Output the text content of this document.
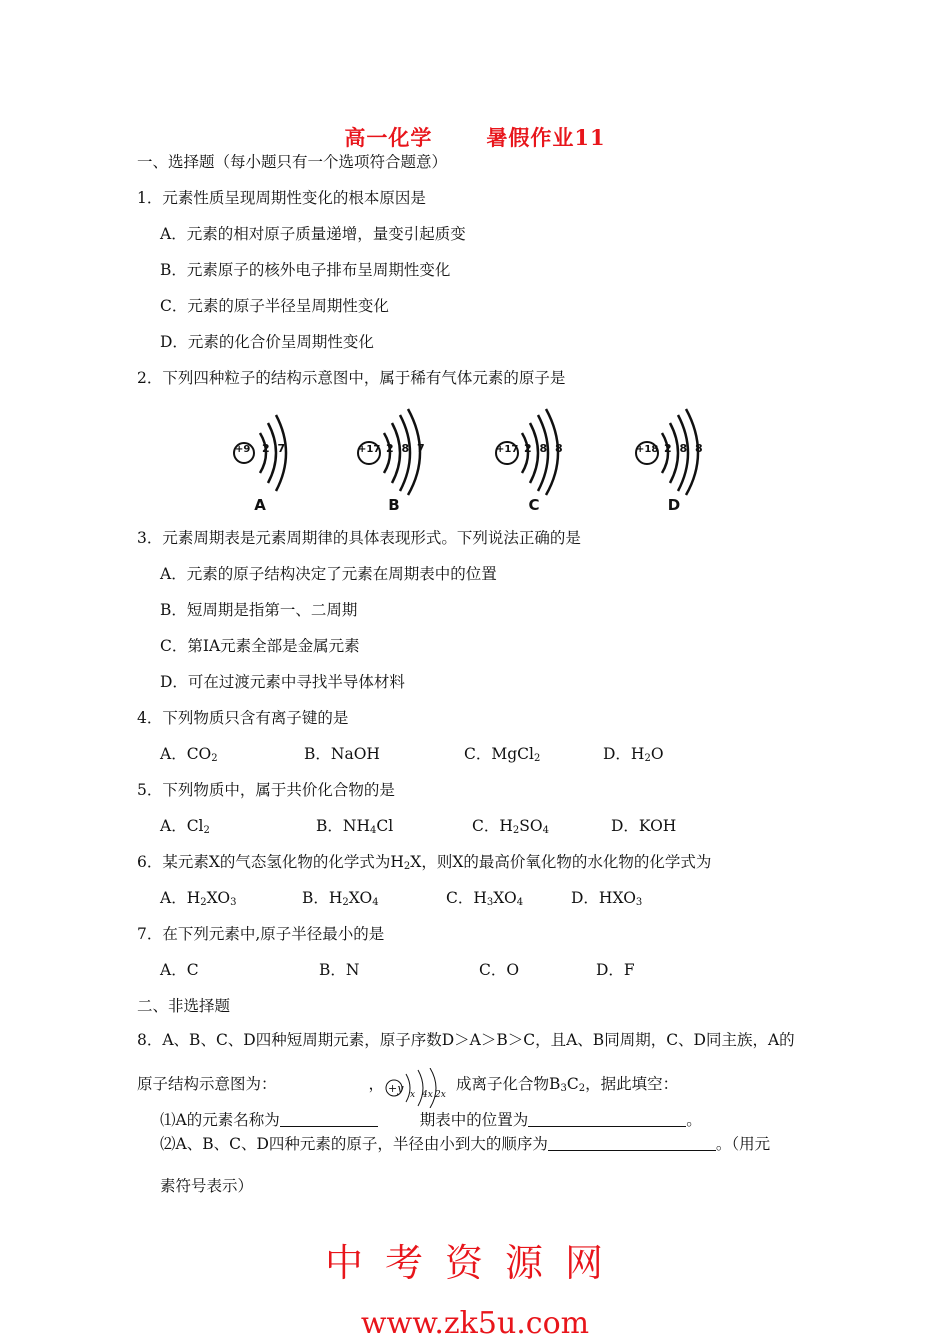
高一化学	暑假作业11
一、选择题（每小题只有一个选项符合题意）
1．元素性质呈现周期性变化的根本原因是
A．元素的相对原子质量递增，量变引起质变
B．元素原子的核外电子排布呈周期性变化
C．元素的原子半径呈周期性变化
D．元素的化合价呈周期性变化
2．下列四种粒子的结构示意图中，属于稀有气体元素的原子是
+9 2 7
A
+17 2 8 7
B
+17 2 8 8
C
+18 2 8 8
D
3．元素周期表是元素周期律的具体表现形式。下列说法正确的是
A．元素的原子结构决定了元素在周期表中的位置
B．短周期是指第一、二周期
C．第ⅠA元素全部是金属元素
D．可在过渡元素中寻找半导体材料
4．下列物质只含有离子键的是
A．$CO_2$	B．NaOH	C．MgCl$_2$	D．$H_2O$
5．下列物质中，属于共价化合物的是
A．$Cl_2$	B．$NH_4Cl$	C．$H_2SO_4$	D．KOH
6．某元素X的气态氢化物的化学式为$H_2X$，则X的最高价氧化物的水化物的化学式为
A．$H_2XO_3$	B．$H_2XO_4$	C．$H_3XO_4$	D．$HXO_3$
7．在下列元素中,原子半径最小的是
A．C	B．N	C．O	D．F
二、非选择题
8．A、B、C、D四种短周期元素，原子序数D＞A＞B＞C，且A、B同周期，C、D同主族，A的
原子结构示意图为：	，	成离子化合物$B_3C_2$，据此填空：
+y x 4x 2x
⑴A的元素名称为	期表中的位置为	。
⑵A、B、C、D四种元素的原子，半径由小到大的顺序为	。（用元
素符号表示）
中考资源网
www.zk5u.com
